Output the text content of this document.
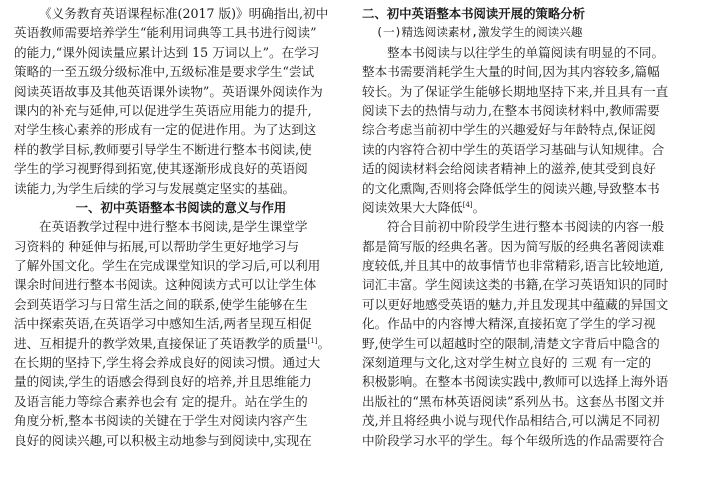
《义务教育英语课程标准(2017 版)》明确指出,初中
英语教师需要培养学生“能利用词典等工具书进行阅读”
的能力,“课外阅读量应累计达到 15 万词以上”。在学习
策略的一至五级分级标准中,五级标准是要求学生“尝试
阅读英语故事及其他英语课外读物”。英语课外阅读作为
课内的补充与延伸,可以促进学生英语应用能力的提升,
对学生核心素养的形成有一定的促进作用。为了达到这
样的教学目标,教师要引导学生不断进行整本书阅读,使
学生的学习视野得到拓宽,使其逐渐形成良好的英语阅
读能力,为学生后续的学习与发展奠定坚实的基础。
一、初中英语整本书阅读的意义与作用
在英语教学过程中进行整本书阅读,是学生课堂学
习资料的 种延伸与拓展,可以帮助学生更好地学习与
了解外国文化。学生在完成课堂知识的学习后,可以利用
课余时间进行整本书阅读。这种阅读方式可以让学生体
会到英语学习与日常生活之间的联系,使学生能够在生
活中探索英语,在英语学习中感知生活,两者呈现互相促
进、互相提升的教学效果,直接保证了英语教学的质量[1]。
在长期的坚持下,学生将会养成良好的阅读习惯。通过大
量的阅读,学生的语感会得到良好的培养,并且思维能力
及语言能力等综合素养也会有 定的提升。站在学生的
角度分析,整本书阅读的关键在于学生对阅读内容产生
良好的阅读兴趣,可以积极主动地参与到阅读中,实现在
二、初中英语整本书阅读开展的策略分析
(一)精选阅读素材,激发学生的阅读兴趣
整本书阅读与以往学生的单篇阅读有明显的不同。
整本书需要消耗学生大量的时间,因为其内容较多,篇幅
较长。为了保证学生能够长期地坚持下来,并且具有一直
阅读下去的热情与动力,在整本书阅读材料中,教师需要
综合考虑当前初中学生的兴趣爱好与年龄特点,保证阅
读的内容符合初中学生的英语学习基础与认知规律。合
适的阅读材料会给阅读者精神上的滋养,使其受到良好
的文化熏陶,否则将会降低学生的阅读兴趣,导致整本书
阅读效果大大降低[4]。
符合目前初中阶段学生进行整本书阅读的内容一般
都是简写版的经典名著。因为简写版的经典名著阅读难
度较低,并且其中的故事情节也非常精彩,语言比较地道,
词汇丰富。学生阅读这类的书籍,在学习英语知识的同时
可以更好地感受英语的魅力,并且发现其中蕴藏的异国文
化。作品中的内容博大精深,直接拓宽了学生的学习视
野,使学生可以超越时空的限制,清楚文字背后中隐含的
深刻道理与文化,这对学生树立良好的 三观 有一定的
积极影响。在整本书阅读实践中,教师可以选择上海外语
出版社的“黑布林英语阅读”系列丛书。这套丛书图文并
茂,并且将经典小说与现代作品相结合,可以满足不同初
中阶段学习水平的学生。每个年级所选的作品需要符合
